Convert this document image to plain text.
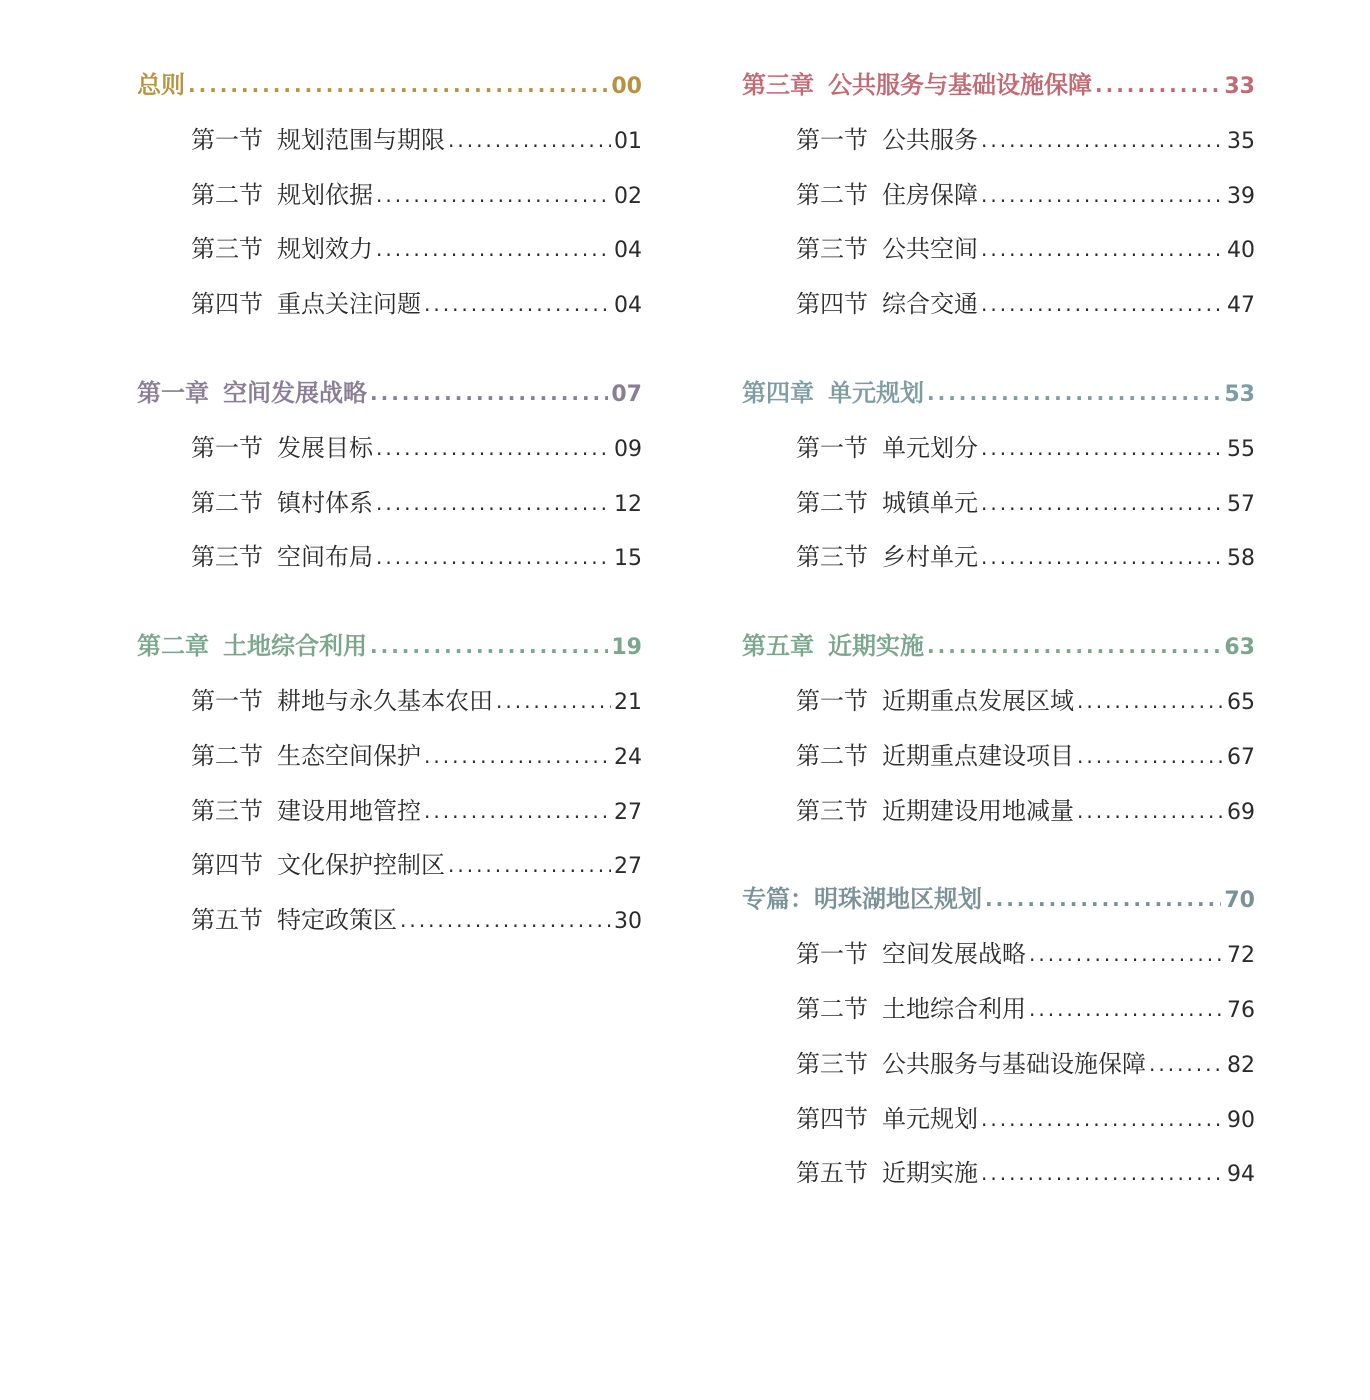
总则 .....	00
第一节 规划范围与期限 .....	01
第二节 规划依据 .....	02
第三节 规划效力 .....	04
第四节 重点关注问题 .....	04
第一章 空间发展战略 .....	07
第一节 发展目标 .....	09
第二节 镇村体系 .....	12
第三节 空间布局 .....	15
第二章 土地综合利用 .....	19
第一节 耕地与永久基本农田 .....	21
第二节 生态空间保护 .....	24
第三节 建设用地管控 .....	27
第四节 文化保护控制区 .....	27
第五节 特定政策区 .....	30
第三章 公共服务与基础设施保障 .....	33
第一节 公共服务 .....	35
第二节 住房保障 .....	39
第三节 公共空间 .....	40
第四节 综合交通 .....	47
第四章 单元规划 .....	53
第一节 单元划分 .....	55
第二节 城镇单元 .....	57
第三节 乡村单元 .....	58
第五章 近期实施 .....	63
第一节 近期重点发展区域 .....	65
第二节 近期重点建设项目 .....	67
第三节 近期建设用地减量 .....	69
专篇：明珠湖地区规划 .....	70
第一节 空间发展战略 .....	72
第二节 土地综合利用 .....	76
第三节 公共服务与基础设施保障 .....	82
第四节 单元规划 .....	90
第五节 近期实施 .....	94
